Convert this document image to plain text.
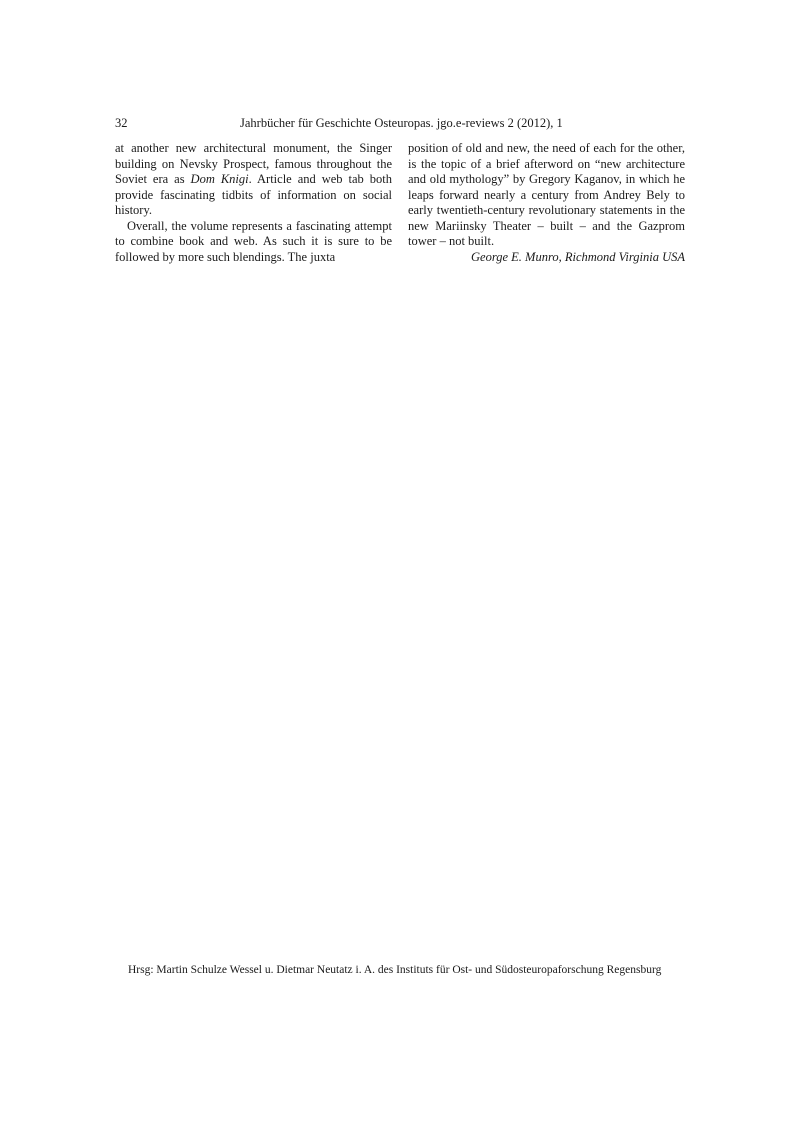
32	Jahrbücher für Geschichte Osteuropas. jgo.e-reviews 2 (2012), 1

at another new architectural monument, the Singer building on Nevsky Prospect, famous throughout the Soviet era as Dom Knigi. Article and web tab both provide fascinating tidbits of information on social history.

Overall, the volume represents a fascinating attempt to combine book and web. As such it is sure to be followed by more such blendings. The juxta

position of old and new, the need of each for the other, is the topic of a brief afterword on “new architecture and old mythology” by Gregory Kaganov, in which he leaps forward nearly a century from Andrey Bely to early twentieth-century revolutionary statements in the new Mariinsky Theater – built – and the Gazprom tower – not built.

George E. Munro, Richmond Virginia USA

Hrsg: Martin Schulze Wessel u. Dietmar Neutatz i. A. des Instituts für Ost- und Südosteuropaforschung Regensburg
